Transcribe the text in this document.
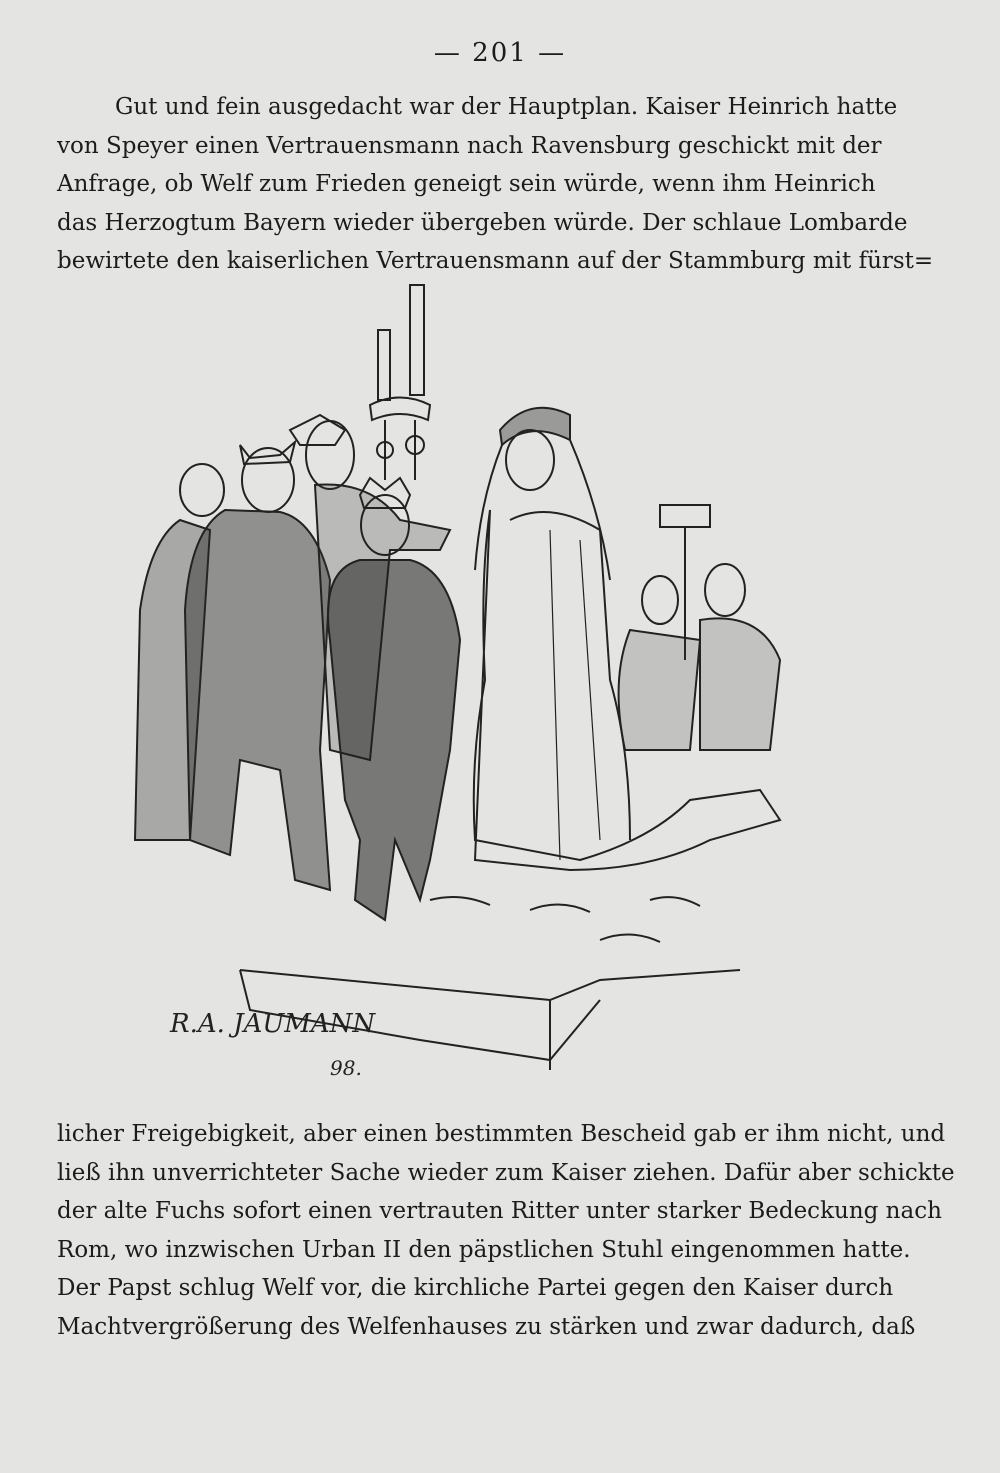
— 201 —
Gut und fein ausgedacht war der Hauptplan. Kaiser Heinrich hatte
von Speyer einen Vertrauensmann nach Ravensburg geschickt mit der
Anfrage, ob Welf zum Frieden geneigt sein würde, wenn ihm Heinrich
das Herzogtum Bayern wieder übergeben würde. Der schlaue Lombarde
bewirtete den kaiserlichen Vertrauensmann auf der Stammburg mit fürst=
R.A. JAUMANN
98.
licher Freigebigkeit, aber einen bestimmten Bescheid gab er ihm nicht, und
ließ ihn unverrichteter Sache wieder zum Kaiser ziehen. Dafür aber schickte
der alte Fuchs sofort einen vertrauten Ritter unter starker Bedeckung nach
Rom, wo inzwischen Urban II den päpstlichen Stuhl eingenommen hatte.
Der Papst schlug Welf vor, die kirchliche Partei gegen den Kaiser durch
Machtvergrößerung des Welfenhauses zu stärken und zwar dadurch, daß
